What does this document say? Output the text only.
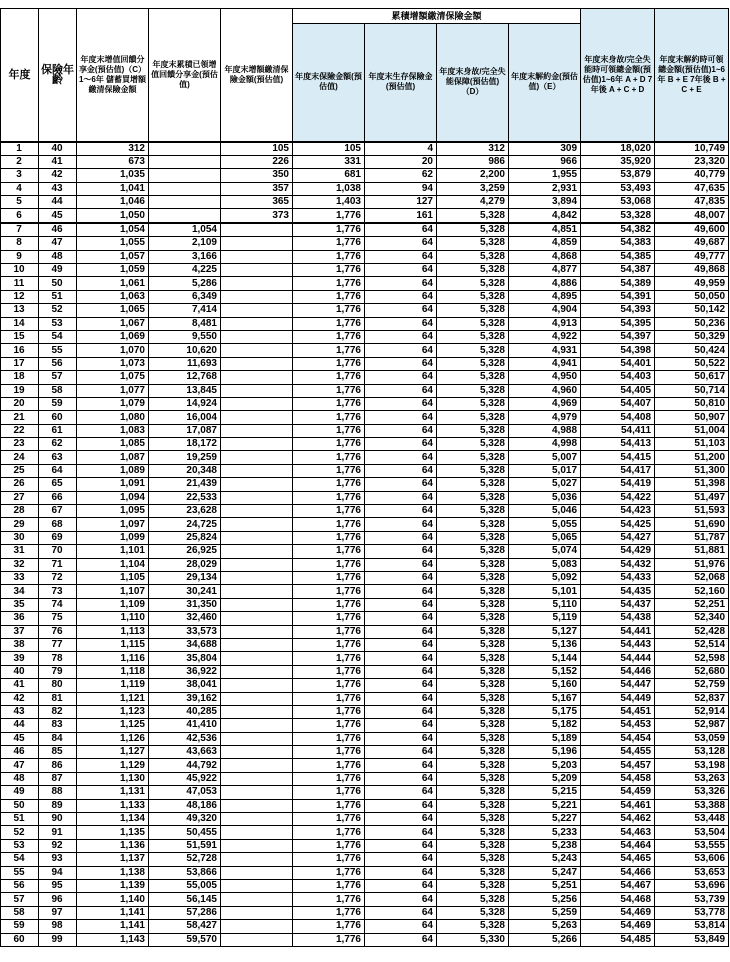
年度	保險年齡	年度末增值回饋分享金(預估值)（C）1～6年 儲蓄買增額繳清保險金額	年度末累積已領增值回饋分享金(預估值)	年度末增額繳清保險金額(預估值)	累積增額繳清保險金額				年度末身故/完全失能時可領總金額(預估值)1~6年 A + D 7年後 A + C + D	年度末解約時可領總金額(預估值)1~6年 B + E 7年後 B + C + E
					年度末保險金額(預估值)	年度末生存保險金(預估值)	年度末身故/完全失能保障(預估值)（D）	年度末解約金(預估值)（E）		
1	40	312		105	105	4	312	309	18,020	10,749
2	41	673		226	331	20	986	966	35,920	23,320
3	42	1,035		350	681	62	2,200	1,955	53,879	40,779
4	43	1,041		357	1,038	94	3,259	2,931	53,493	47,635
5	44	1,046		365	1,403	127	4,279	3,894	53,068	47,835
6	45	1,050		373	1,776	161	5,328	4,842	53,328	48,007
7	46	1,054	1,054		1,776	64	5,328	4,851	54,382	49,600
8	47	1,055	2,109		1,776	64	5,328	4,859	54,383	49,687
9	48	1,057	3,166		1,776	64	5,328	4,868	54,385	49,777
10	49	1,059	4,225		1,776	64	5,328	4,877	54,387	49,868
11	50	1,061	5,286		1,776	64	5,328	4,886	54,389	49,959
12	51	1,063	6,349		1,776	64	5,328	4,895	54,391	50,050
13	52	1,065	7,414		1,776	64	5,328	4,904	54,393	50,142
14	53	1,067	8,481		1,776	64	5,328	4,913	54,395	50,236
15	54	1,069	9,550		1,776	64	5,328	4,922	54,397	50,329
16	55	1,070	10,620		1,776	64	5,328	4,931	54,398	50,424
17	56	1,073	11,693		1,776	64	5,328	4,941	54,401	50,522
18	57	1,075	12,768		1,776	64	5,328	4,950	54,403	50,617
19	58	1,077	13,845		1,776	64	5,328	4,960	54,405	50,714
20	59	1,079	14,924		1,776	64	5,328	4,969	54,407	50,810
21	60	1,080	16,004		1,776	64	5,328	4,979	54,408	50,907
22	61	1,083	17,087		1,776	64	5,328	4,988	54,411	51,004
23	62	1,085	18,172		1,776	64	5,328	4,998	54,413	51,103
24	63	1,087	19,259		1,776	64	5,328	5,007	54,415	51,200
25	64	1,089	20,348		1,776	64	5,328	5,017	54,417	51,300
26	65	1,091	21,439		1,776	64	5,328	5,027	54,419	51,398
27	66	1,094	22,533		1,776	64	5,328	5,036	54,422	51,497
28	67	1,095	23,628		1,776	64	5,328	5,046	54,423	51,593
29	68	1,097	24,725		1,776	64	5,328	5,055	54,425	51,690
30	69	1,099	25,824		1,776	64	5,328	5,065	54,427	51,787
31	70	1,101	26,925		1,776	64	5,328	5,074	54,429	51,881
32	71	1,104	28,029		1,776	64	5,328	5,083	54,432	51,976
33	72	1,105	29,134		1,776	64	5,328	5,092	54,433	52,068
34	73	1,107	30,241		1,776	64	5,328	5,101	54,435	52,160
35	74	1,109	31,350		1,776	64	5,328	5,110	54,437	52,251
36	75	1,110	32,460		1,776	64	5,328	5,119	54,438	52,340
37	76	1,113	33,573		1,776	64	5,328	5,127	54,441	52,428
38	77	1,115	34,688		1,776	64	5,328	5,136	54,443	52,514
39	78	1,116	35,804		1,776	64	5,328	5,144	54,444	52,598
40	79	1,118	36,922		1,776	64	5,328	5,152	54,446	52,680
41	80	1,119	38,041		1,776	64	5,328	5,160	54,447	52,759
42	81	1,121	39,162		1,776	64	5,328	5,167	54,449	52,837
43	82	1,123	40,285		1,776	64	5,328	5,175	54,451	52,914
44	83	1,125	41,410		1,776	64	5,328	5,182	54,453	52,987
45	84	1,126	42,536		1,776	64	5,328	5,189	54,454	53,059
46	85	1,127	43,663		1,776	64	5,328	5,196	54,455	53,128
47	86	1,129	44,792		1,776	64	5,328	5,203	54,457	53,198
48	87	1,130	45,922		1,776	64	5,328	5,209	54,458	53,263
49	88	1,131	47,053		1,776	64	5,328	5,215	54,459	53,326
50	89	1,133	48,186		1,776	64	5,328	5,221	54,461	53,388
51	90	1,134	49,320		1,776	64	5,328	5,227	54,462	53,448
52	91	1,135	50,455		1,776	64	5,328	5,233	54,463	53,504
53	92	1,136	51,591		1,776	64	5,328	5,238	54,464	53,555
54	93	1,137	52,728		1,776	64	5,328	5,243	54,465	53,606
55	94	1,138	53,866		1,776	64	5,328	5,247	54,466	53,653
56	95	1,139	55,005		1,776	64	5,328	5,251	54,467	53,696
57	96	1,140	56,145		1,776	64	5,328	5,256	54,468	53,739
58	97	1,141	57,286		1,776	64	5,328	5,259	54,469	53,778
59	98	1,141	58,427		1,776	64	5,328	5,263	54,469	53,814
60	99	1,143	59,570		1,776	64	5,330	5,266	54,485	53,849
